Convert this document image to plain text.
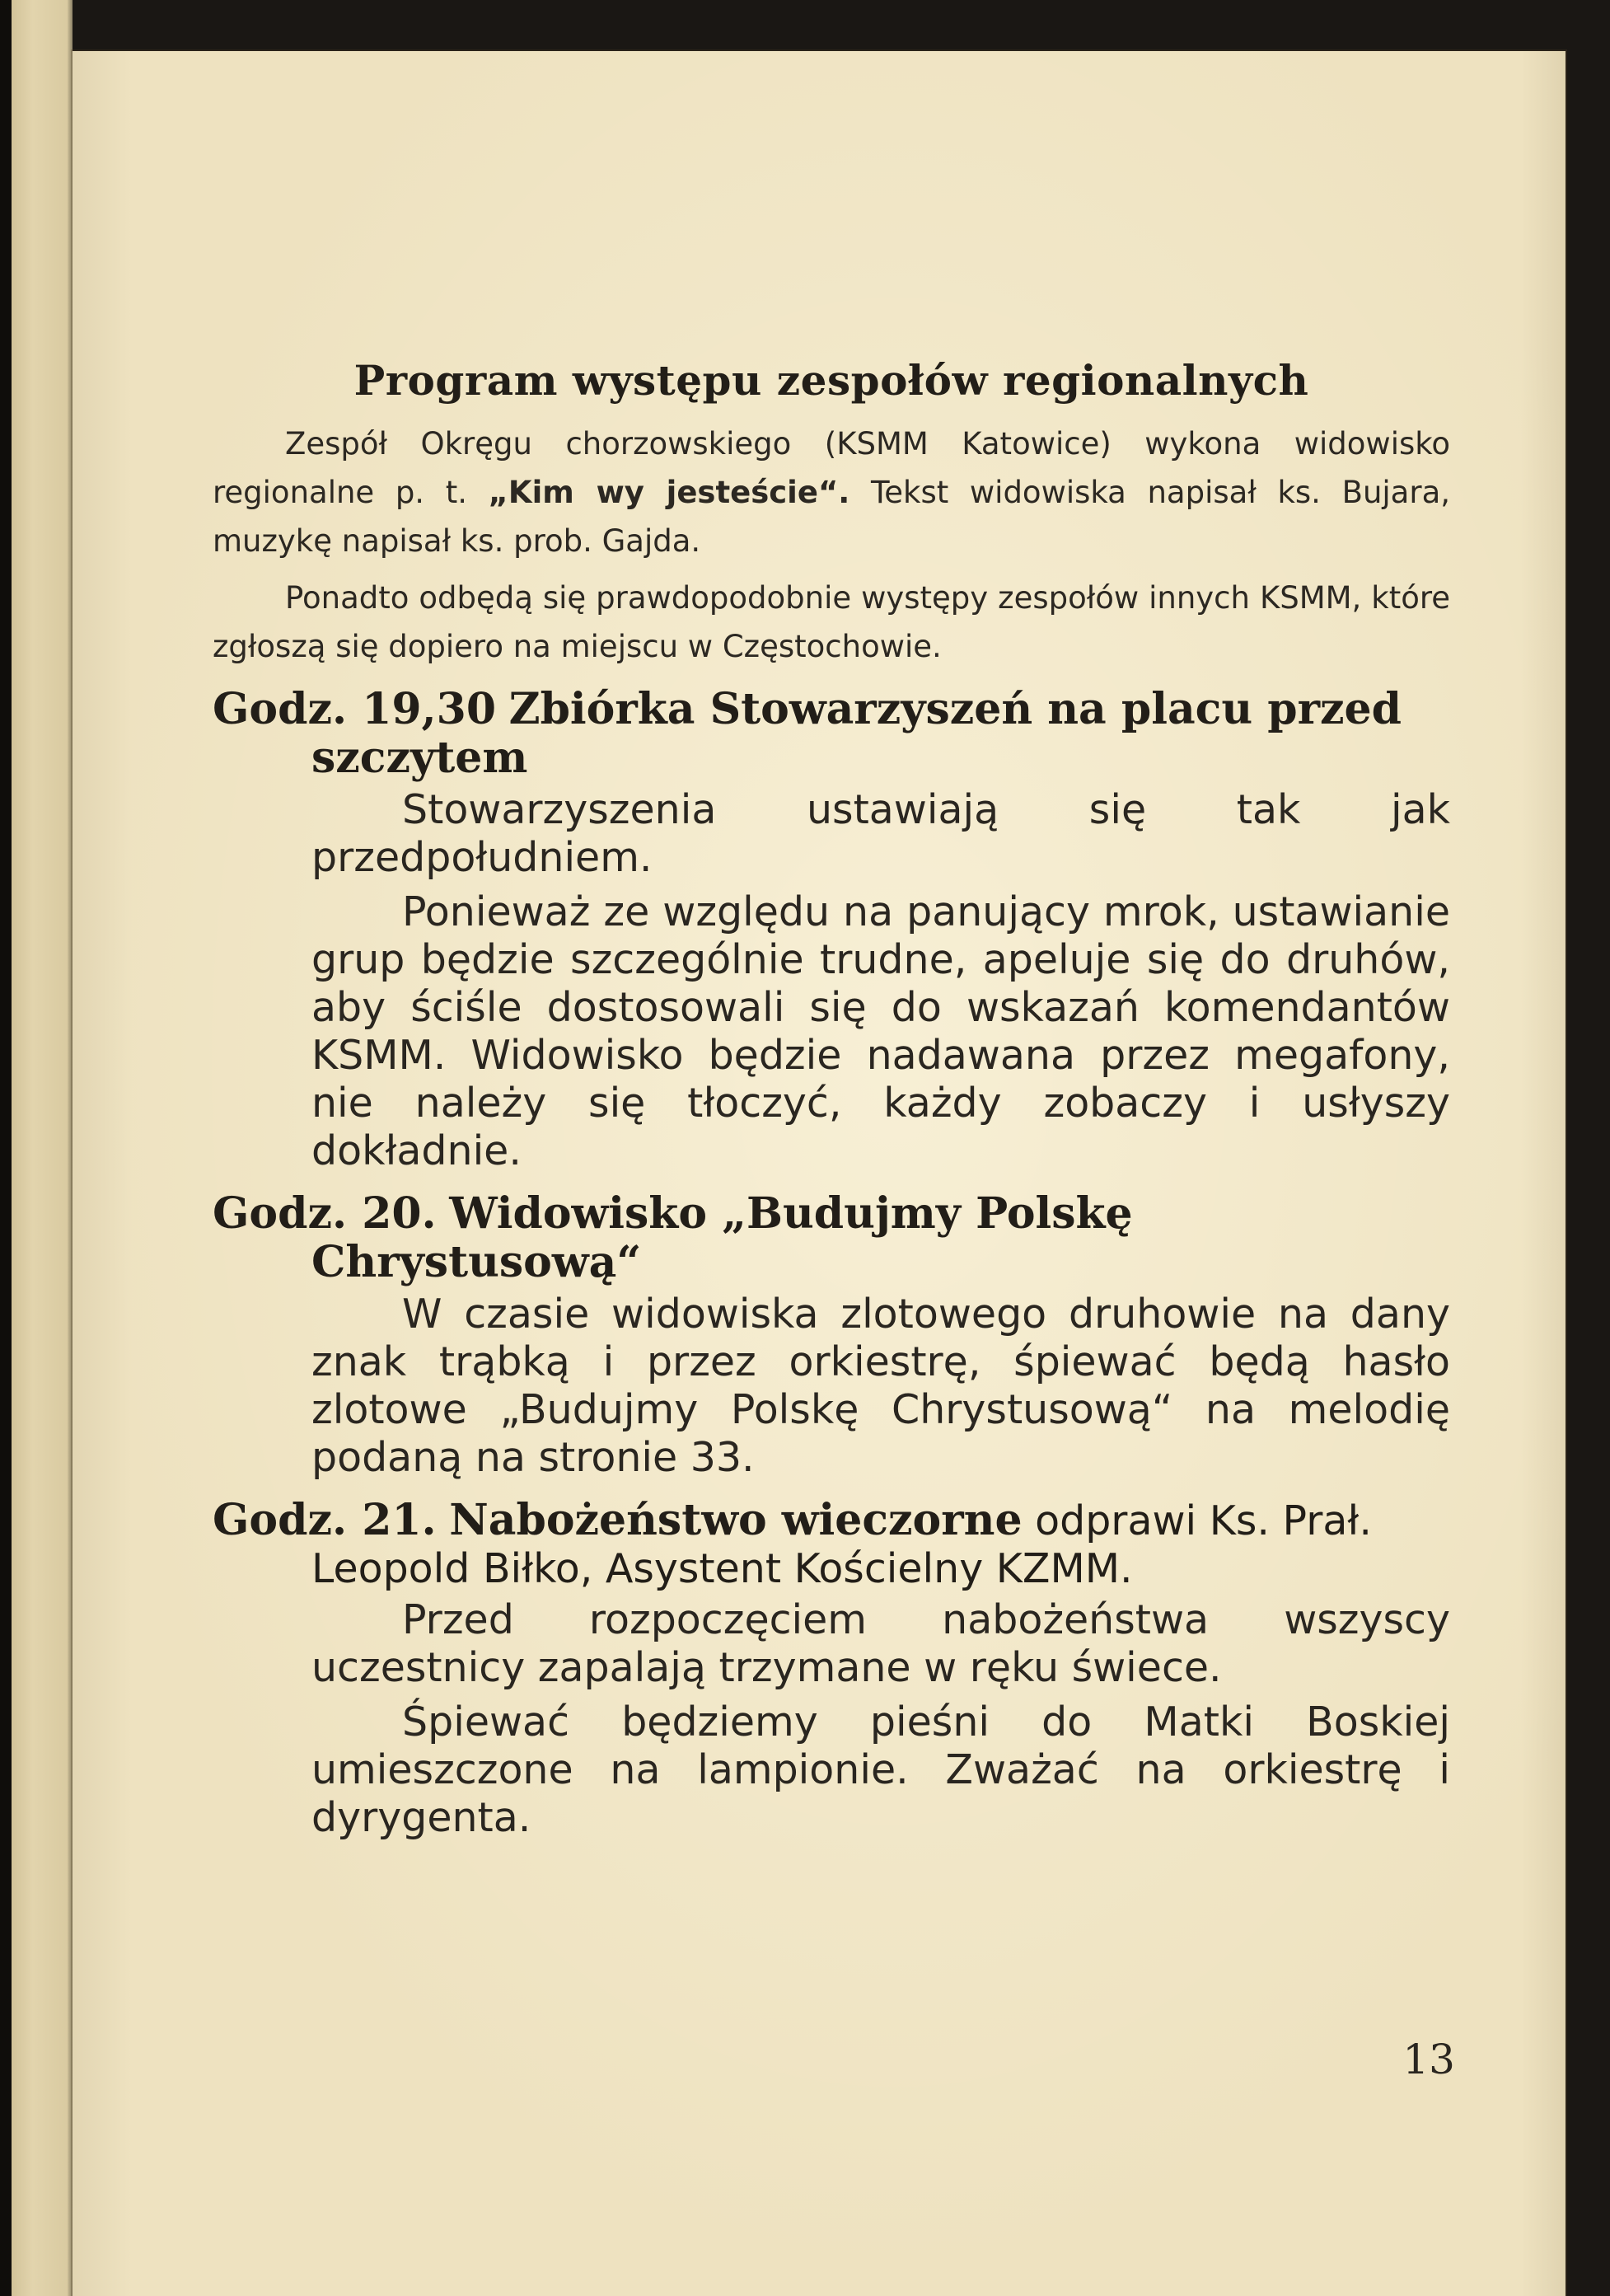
Program występu zespołów regionalnych

Zespół Okręgu chorzowskiego (KSMM Katowice) wykona widowisko regionalne p. t. „Kim wy jesteście“. Tekst widowiska napisał ks. Bujara, muzykę napisał ks. prob. Gajda.

Ponadto odbędą się prawdopodobnie występy zespołów innych KSMM, które zgłoszą się dopiero na miejscu w Częstochowie.

Godz. 19,30 Zbiórka Stowarzyszeń na placu przed szczytem

Stowarzyszenia ustawiają się tak jak przedpołudniem.

Ponieważ ze względu na panujący mrok, ustawianie grup będzie szczególnie trudne, apeluje się do druhów, aby ściśle dostosowali się do wskazań komendantów KSMM. Widowisko będzie nadawana przez megafony, nie należy się tłoczyć, każdy zobaczy i usłyszy dokładnie.

Godz. 20. Widowisko „Budujmy Polskę Chrystusową“

W czasie widowiska zlotowego druhowie na dany znak trąbką i przez orkiestrę, śpiewać będą hasło zlotowe „Budujmy Polskę Chrystusową“ na melodię podaną na stronie 33.

Godz. 21. Nabożeństwo wieczorne odprawi Ks. Prał. Leopold Biłko, Asystent Kościelny KZMM.

Przed rozpoczęciem nabożeństwa wszyscy uczestnicy zapalają trzymane w ręku świece.

Śpiewać będziemy pieśni do Matki Boskiej umieszczone na lampionie. Zważać na orkiestrę i dyrygenta.

13
